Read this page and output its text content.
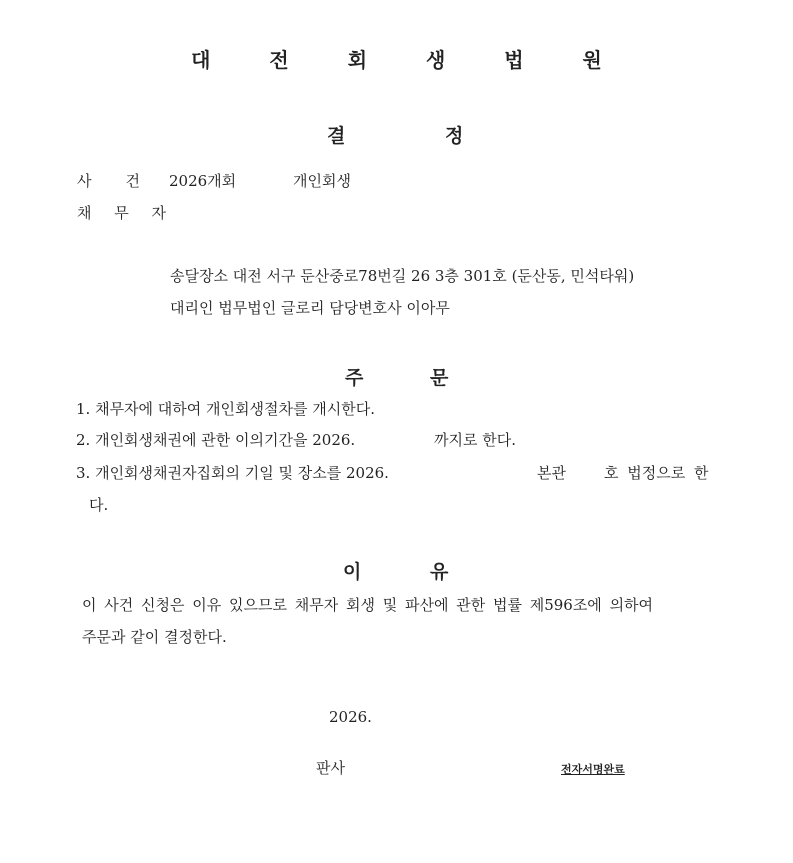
대 전 회 생 법 원
결	정
사 건 2026개회	개인회생
채 무 자
송달장소 대전 서구 둔산중로78번길 26 3층 301호 (둔산동, 민석타워)
대리인 법무법인 글로리 담당변호사 이아무
주	문
1. 채무자에 대하여 개인회생절차를 개시한다.
2. 개인회생채권에 관한 이의기간을 2026.	까지로 한다.
3. 개인회생채권자집회의 기일 및 장소를 2026.	본관	호 법정으로 한
다.
이	유
이 사건 신청은 이유 있으므로 채무자 회생 및 파산에 관한 법률 제596조에 의하여
주문과 같이 결정한다.
2026.
판사	전자서명완료
